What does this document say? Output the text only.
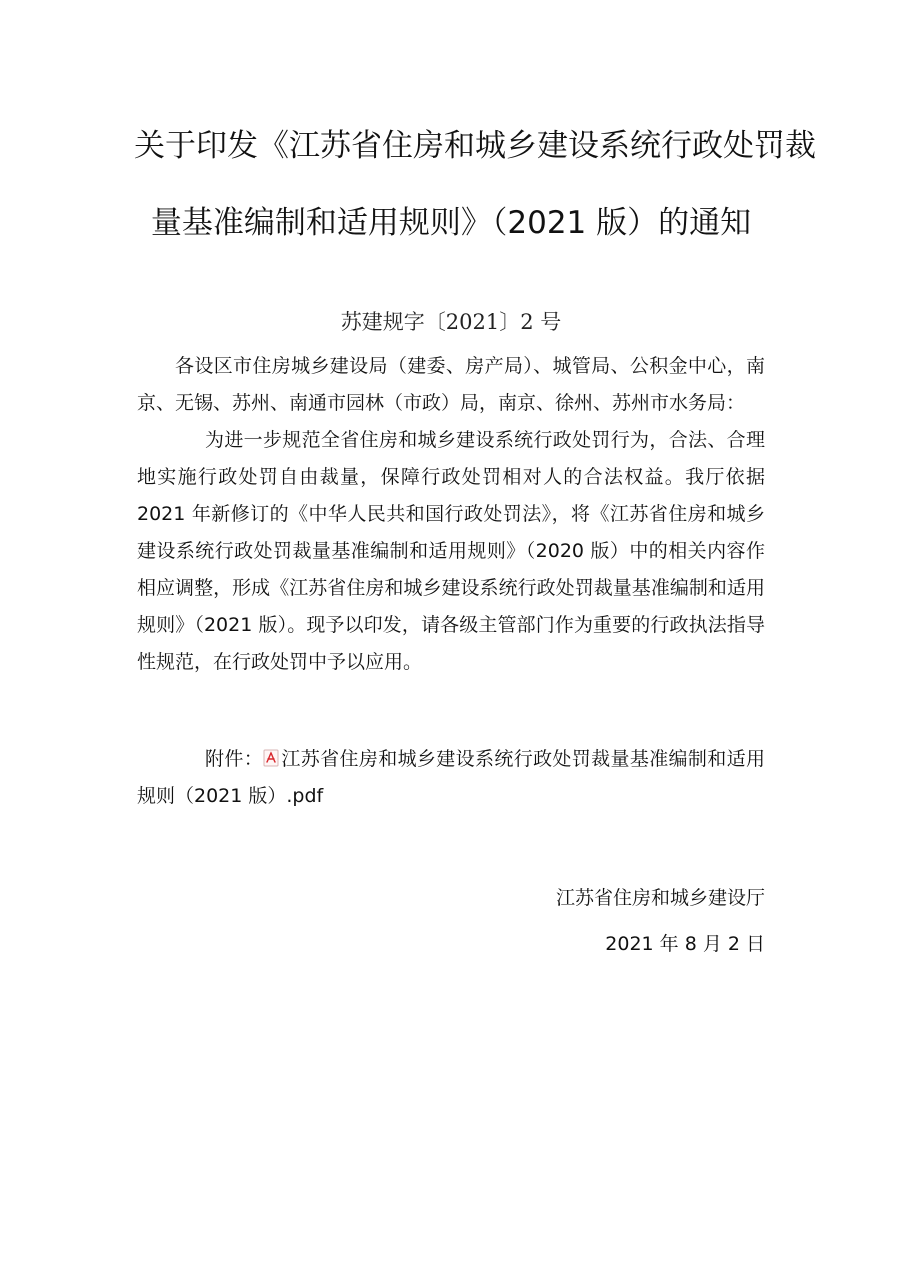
关于印发《江苏省住房和城乡建设系统行政处罚裁
量基准编制和适用规则》（2021 版）的通知
苏建规字〔2021〕2 号

各设区市住房城乡建设局（建委、房产局）、城管局、公积金中心，南京、无锡、苏州、南通市园林（市政）局，南京、徐州、苏州市水务局：

为进一步规范全省住房和城乡建设系统行政处罚行为，合法、合理地实施行政处罚自由裁量，保障行政处罚相对人的合法权益。我厅依据 2021 年新修订的《中华人民共和国行政处罚法》，将《江苏省住房和城乡建设系统行政处罚裁量基准编制和适用规则》（2020 版）中的相关内容作相应调整，形成《江苏省住房和城乡建设系统行政处罚裁量基准编制和适用规则》（2021 版）。现予以印发，请各级主管部门作为重要的行政执法指导性规范，在行政处罚中予以应用。

附件： 江苏省住房和城乡建设系统行政处罚裁量基准编制和适用规则（2021 版）.pdf

江苏省住房和城乡建设厅
2021 年 8 月 2 日
